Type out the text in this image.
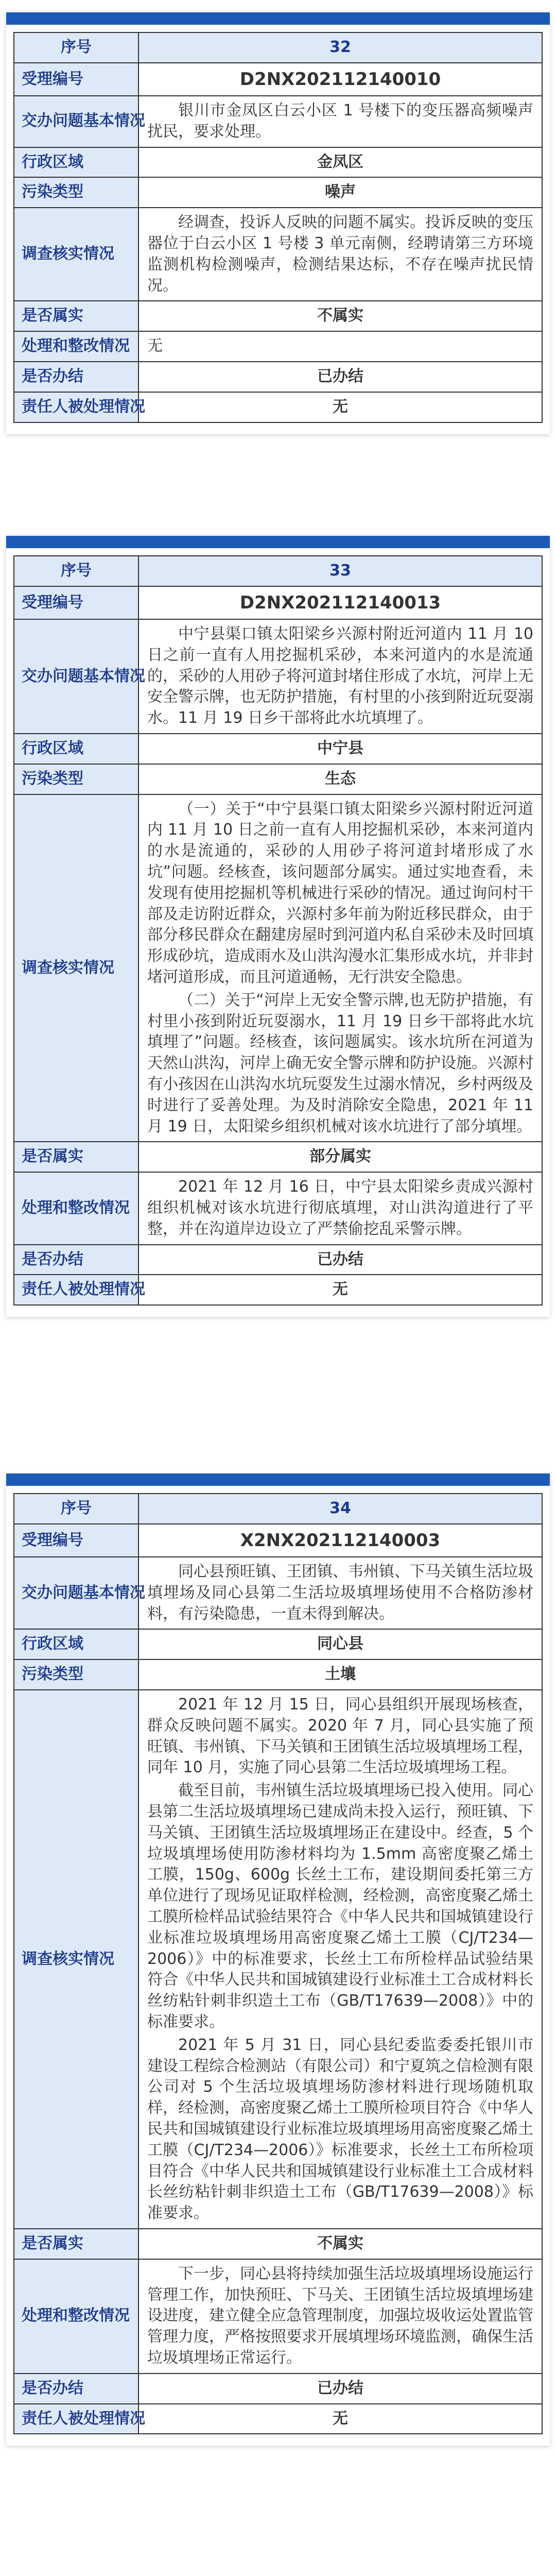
序号	32
受理编号	D2NX202112140010
交办问题基本情况	银川市金凤区白云小区 1 号楼下的变压器高频噪声扰民，要求处理。

行政区域	金凤区
污染类型	噪声
调查核实情况	经调查，投诉人反映的问题不属实。投诉反映的变压器位于白云小区 1 号楼 3 单元南侧，经聘请第三方环境监测机构检测噪声，检测结果达标，不存在噪声扰民情况。

是否属实	不属实
处理和整改情况	无
是否办结	已办结
责任人被处理情况	无
序号	33
受理编号	D2NX202112140013
交办问题基本情况	中宁县渠口镇太阳梁乡兴源村附近河道内 11 月 10 日之前一直有人用挖掘机采砂，本来河道内的水是流通的，采砂的人用砂子将河道封堵住形成了水坑，河岸上无安全警示牌，也无防护措施，有村里的小孩到附近玩耍溺水。11 月 19 日乡干部将此水坑填埋了。

行政区域	中宁县
污染类型	生态
调查核实情况	（一）关于“中宁县渠口镇太阳梁乡兴源村附近河道内 11 月 10 日之前一直有人用挖掘机采砂，本来河道内的水是流通的，采砂的人用砂子将河道封堵形成了水坑”问题。经核查，该问题部分属实。通过实地查看，未发现有使用挖掘机等机械进行采砂的情况。通过询问村干部及走访附近群众，兴源村多年前为附近移民群众，由于部分移民群众在翻建房屋时到河道内私自采砂未及时回填形成砂坑，造成雨水及山洪沟漫水汇集形成水坑，并非封堵河道形成，而且河道通畅，无行洪安全隐患。

（二）关于“河岸上无安全警示牌,也无防护措施，有村里小孩到附近玩耍溺水，11 月 19 日乡干部将此水坑填埋了”问题。经核查，该问题属实。该水坑所在河道为天然山洪沟，河岸上确无安全警示牌和防护设施。兴源村有小孩因在山洪沟水坑玩耍发生过溺水情况，乡村两级及时进行了妥善处理。为及时消除安全隐患，2021 年 11 月 19 日，太阳梁乡组织机械对该水坑进行了部分填埋。

是否属实	部分属实
处理和整改情况	2021 年 12 月 16 日，中宁县太阳梁乡责成兴源村组织机械对该水坑进行彻底填埋，对山洪沟道进行了平整，并在沟道岸边设立了严禁偷挖乱采警示牌。

是否办结	已办结
责任人被处理情况	无
序号	34
受理编号	X2NX202112140003
交办问题基本情况	同心县预旺镇、王团镇、韦州镇、下马关镇生活垃圾填埋场及同心县第二生活垃圾填埋场使用不合格防渗材料，有污染隐患，一直未得到解决。

行政区域	同心县
污染类型	土壤
调查核实情况	2021 年 12 月 15 日，同心县组织开展现场核查，群众反映问题不属实。2020 年 7 月，同心县实施了预旺镇、韦州镇、下马关镇和王团镇生活垃圾填埋场工程，同年 10 月，实施了同心县第二生活垃圾填埋场工程。

截至目前，韦州镇生活垃圾填埋场已投入使用。同心县第二生活垃圾填埋场已建成尚未投入运行，预旺镇、下马关镇、王团镇生活垃圾填埋场正在建设中。经查，5 个垃圾填埋场使用防渗材料均为 1.5mm 高密度聚乙烯土工膜，150g、600g 长丝土工布，建设期间委托第三方单位进行了现场见证取样检测，经检测，高密度聚乙烯土工膜所检样品试验结果符合《中华人民共和国城镇建设行业标准垃圾填埋场用高密度聚乙烯土工膜（CJ/T234—2006）》中的标准要求，长丝土工布所检样品试验结果符合《中华人民共和国城镇建设行业标准土工合成材料长丝纺粘针刺非织造土工布（GB/T17639—2008）》中的标准要求。

2021 年 5 月 31 日，同心县纪委监委委托银川市建设工程综合检测站（有限公司）和宁夏筑之信检测有限公司对 5 个生活垃圾填埋场防渗材料进行现场随机取样，经检测，高密度聚乙烯土工膜所检项目符合《中华人民共和国城镇建设行业标准垃圾填埋场用高密度聚乙烯土工膜（CJ/T234—2006）》标准要求，长丝土工布所检项目符合《中华人民共和国城镇建设行业标准土工合成材料长丝纺粘针刺非织造土工布（GB/T17639—2008）》标准要求。

是否属实	不属实
处理和整改情况	下一步，同心县将持续加强生活垃圾填埋场设施运行管理工作，加快预旺、下马关、王团镇生活垃圾填埋场建设进度，建立健全应急管理制度，加强垃圾收运处置监管管理力度，严格按照要求开展填埋场环境监测，确保生活垃圾填埋场正常运行。

是否办结	已办结
责任人被处理情况	无
